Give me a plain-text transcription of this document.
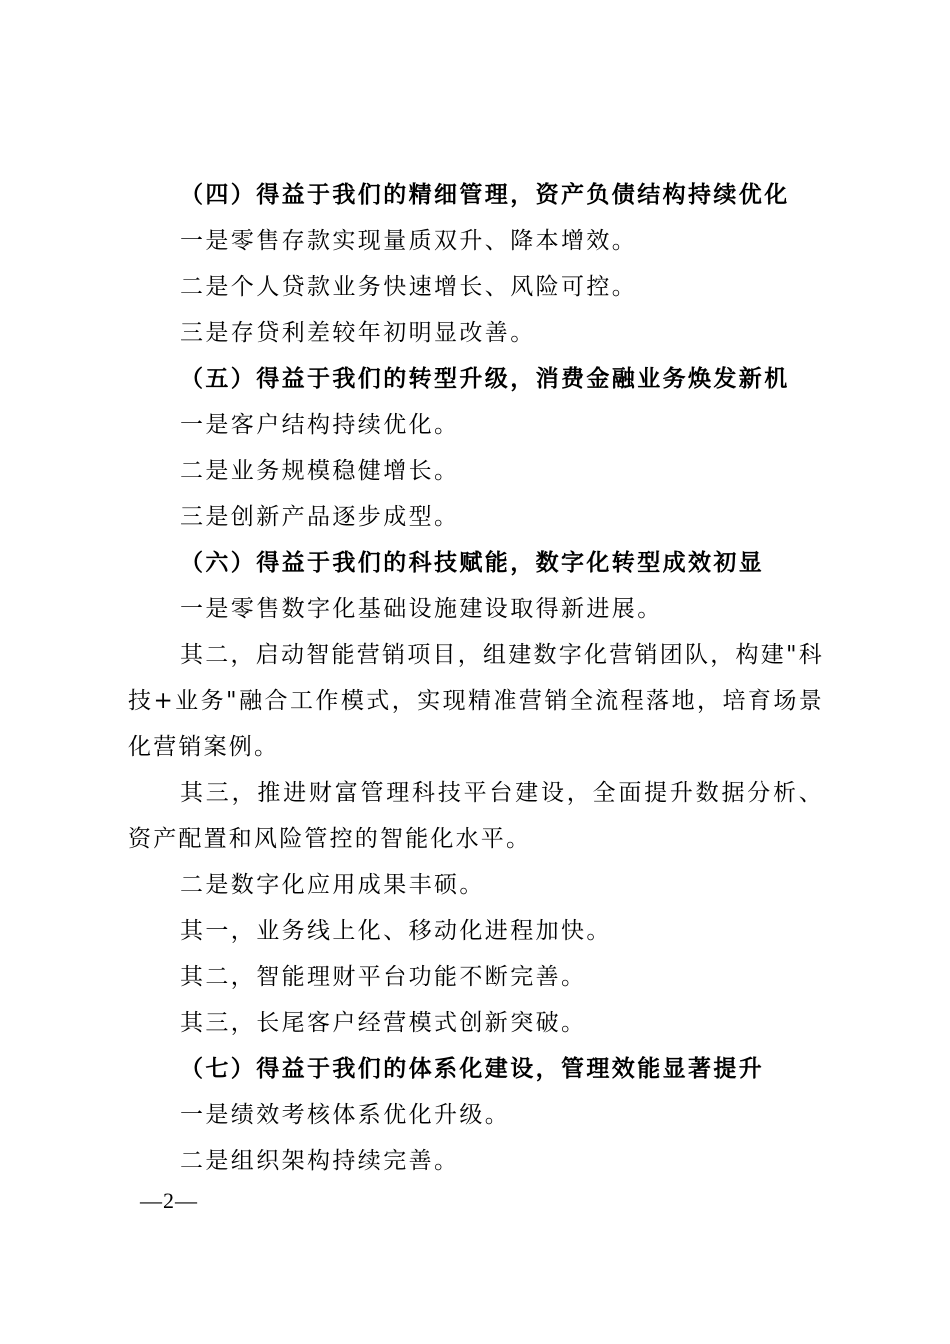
（四）得益于我们的精细管理，资产负债结构持续优化

一是零售存款实现量质双升、降本增效。

二是个人贷款业务快速增长、风险可控。

三是存贷利差较年初明显改善。

（五）得益于我们的转型升级，消费金融业务焕发新机

一是客户结构持续优化。

二是业务规模稳健增长。

三是创新产品逐步成型。

（六）得益于我们的科技赋能，数字化转型成效初显

一是零售数字化基础设施建设取得新进展。

其二，启动智能营销项目，组建数字化营销团队，构建"科技+业务"融合工作模式，实现精准营销全流程落地，培育场景化营销案例。

其三，推进财富管理科技平台建设，全面提升数据分析、资产配置和风险管控的智能化水平。

二是数字化应用成果丰硕。

其一，业务线上化、移动化进程加快。

其二，智能理财平台功能不断完善。

其三，长尾客户经营模式创新突破。

（七）得益于我们的体系化建设，管理效能显著提升

一是绩效考核体系优化升级。

二是组织架构持续完善。

—2—
